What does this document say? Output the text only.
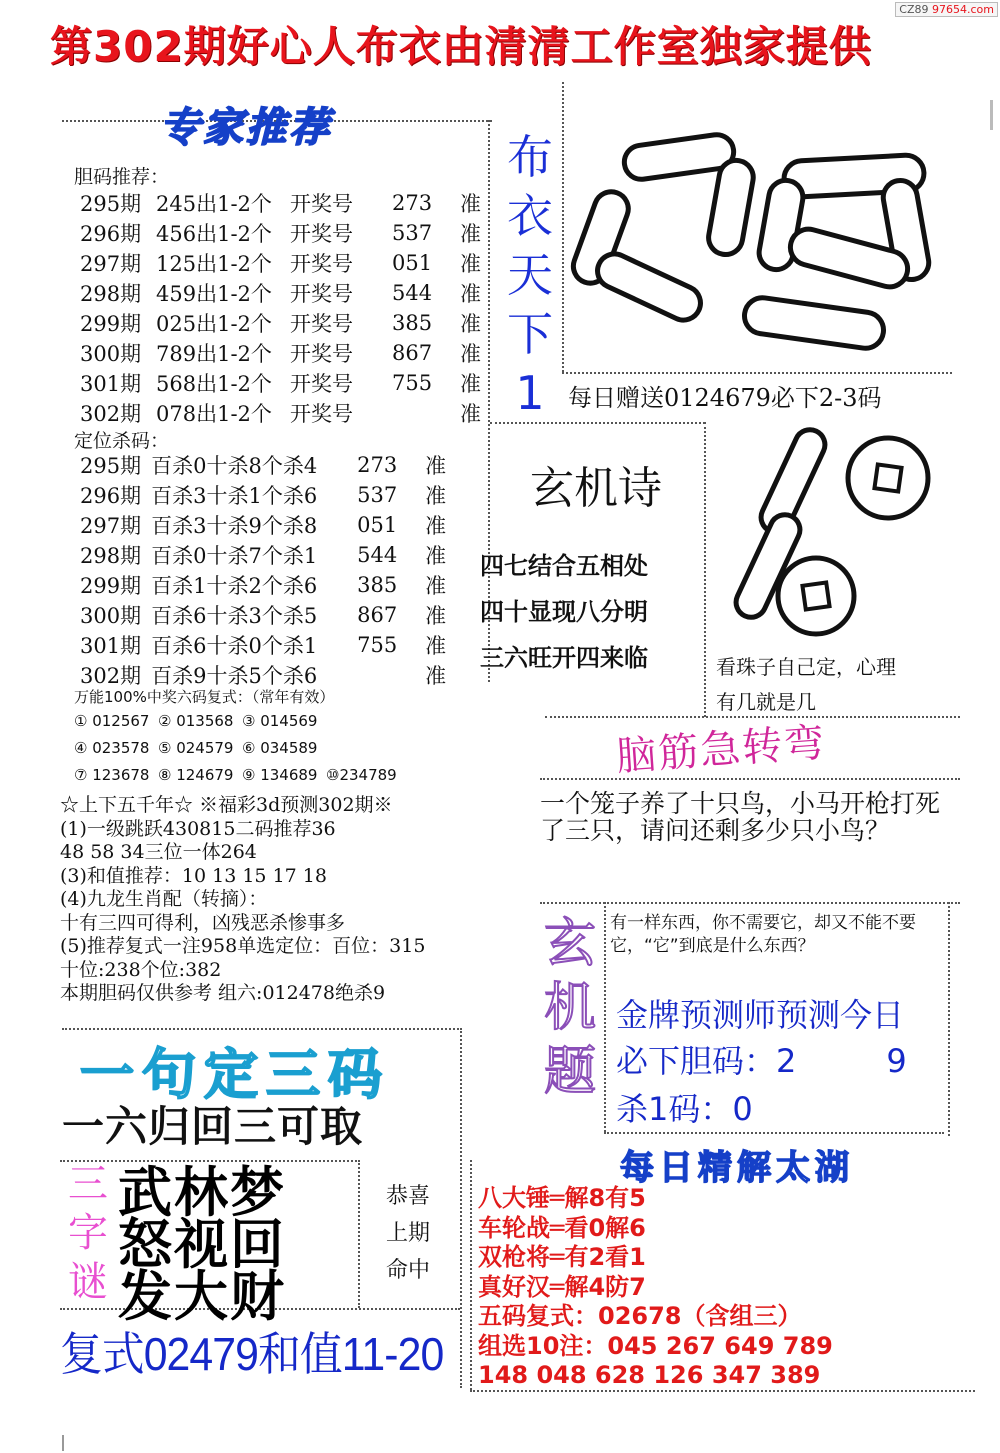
第302期好心人布衣由清清工作室独家提供
CZ89 97654.com
专家推荐
胆码推荐：
295期	245出1-2个	开奖号	273	准
296期	456出1-2个	开奖号	537	准
297期	125出1-2个	开奖号	051	准
298期	459出1-2个	开奖号	544	准
299期	025出1-2个	开奖号	385	准
300期	789出1-2个	开奖号	867	准
301期	568出1-2个	开奖号	755	准
302期	078出1-2个	开奖号		准
定位杀码：
295期	百杀0十杀8个杀4	273	准
296期	百杀3十杀1个杀6	537	准
297期	百杀3十杀9个杀8	051	准
298期	百杀0十杀7个杀1	544	准
299期	百杀1十杀2个杀6	385	准
300期	百杀6十杀3个杀5	867	准
301期	百杀6十杀0个杀1	755	准
302期	百杀9十杀5个杀6		准
万能100%中奖六码复式：（常年有效）
① 012567 ② 013568 ③ 014569
④ 023578 ⑤ 024579 ⑥ 034589
⑦ 123678 ⑧ 124679 ⑨ 134689 ⑩234789
☆上下五千年☆ ※福彩3d预测302期※
(1)一级跳跃430815二码推荐36
48 58 34三位一体264
(3)和值推荐：10 13 15 17 18
(4)九龙生肖配（转摘）：
十有三四可得利，凶残恶杀惨事多
(5)推荐复式一注958单选定位：百位：315
十位:238个位:382
本期胆码仅供参考 组六:012478绝杀9
布
衣
天
下
1 每日赠送0124679必下2-3码
玄机诗
四七结合五相处
四十显现八分明
三六旺开四来临	看珠子自己定，心理
有几就是几
脑筋急转弯
一个笼子养了十只鸟，小马开枪打死了三只，请问还剩多少只小鸟？
玄
机
题
有一样东西，你不需要它，却又不能不要它，“它”到底是什么东西？
金牌预测师预测今日
必下胆码：2	9
杀1码：0
每日精解太湖
八大锤═解8有5
车轮战═看0解6
双枪将═有2看1
真好汉═解4防7
五码复式：02678（含组三）
组选10注：045 267 649 789
148 048 628 126 347 389
一句定三码
一六归回三可取
三
字
谜
武林梦
怒视回
发大财
恭喜
上期
命中
复式02479和值11-20
